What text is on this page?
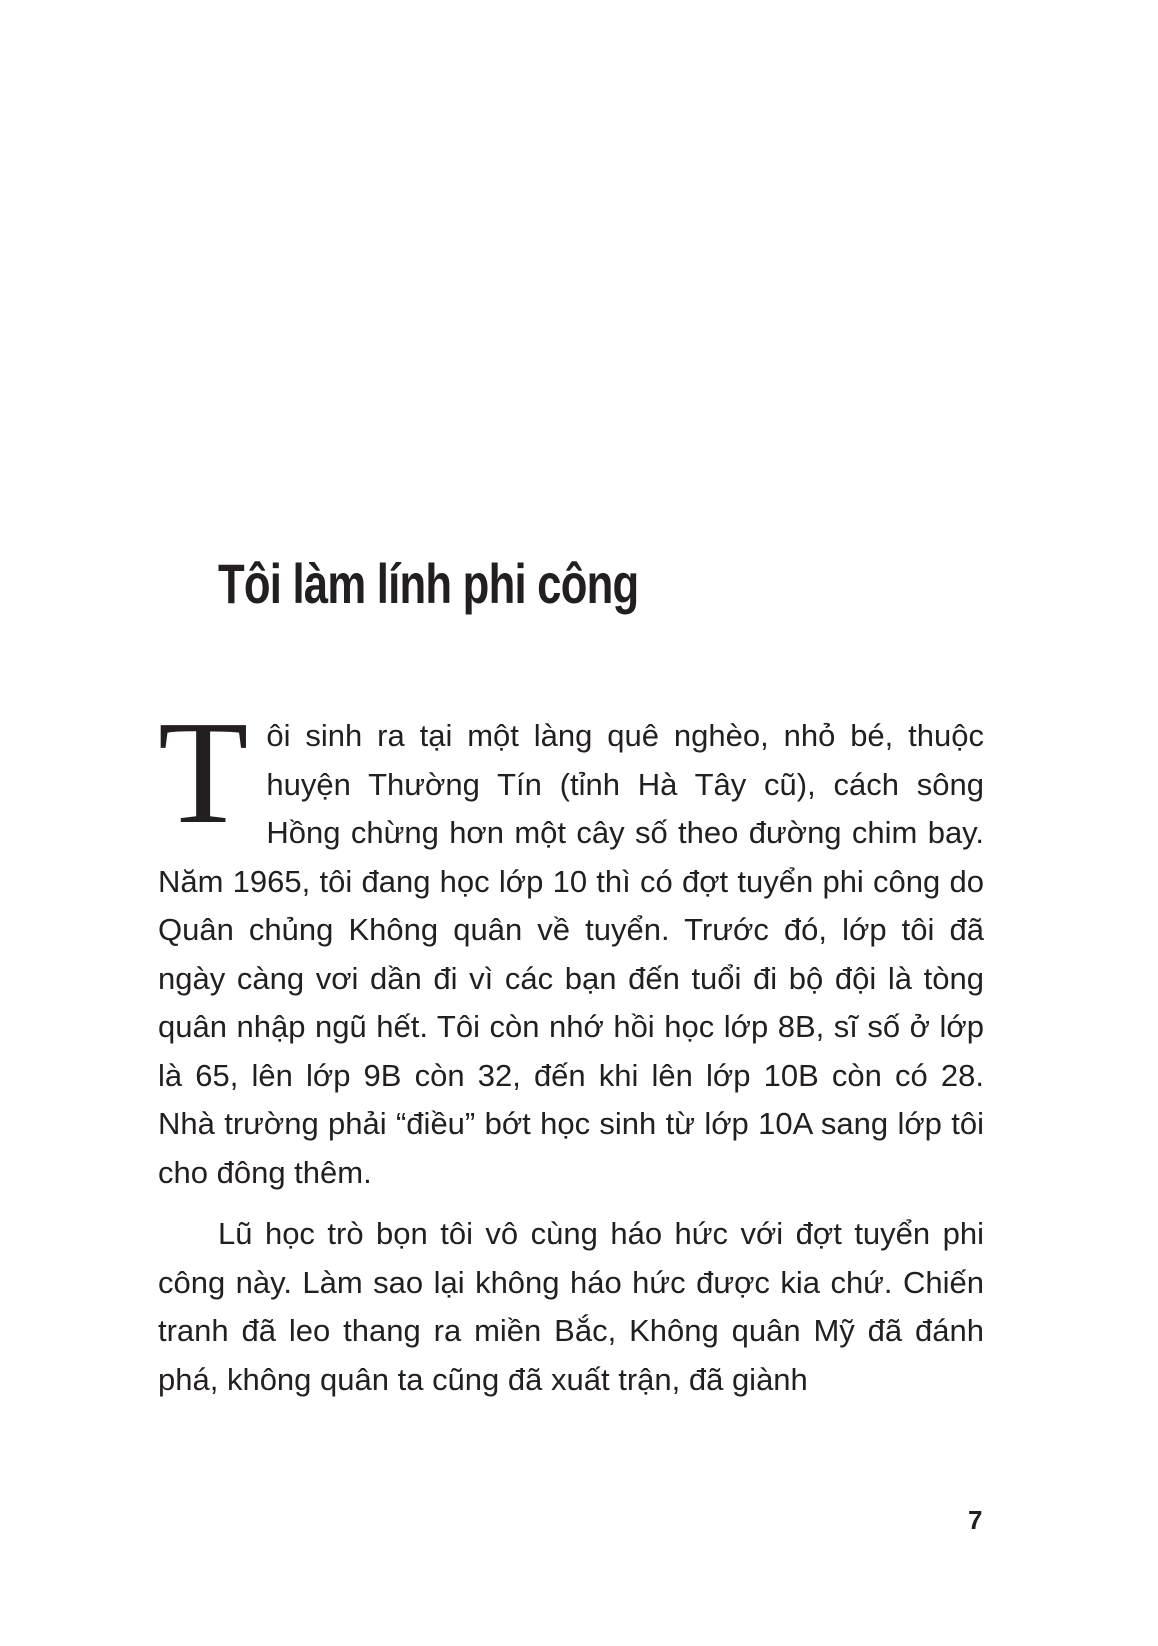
Tôi làm lính phi công

Tôi sinh ra tại một làng quê nghèo, nhỏ bé, thuộc huyện Thường Tín (tỉnh Hà Tây cũ), cách sông Hồng chừng hơn một cây số theo đường chim bay. Năm 1965, tôi đang học lớp 10 thì có đợt tuyển phi công do Quân chủng Không quân về tuyển. Trước đó, lớp tôi đã ngày càng vơi dần đi vì các bạn đến tuổi đi bộ đội là tòng quân nhập ngũ hết. Tôi còn nhớ hồi học lớp 8B, sĩ số ở lớp là 65, lên lớp 9B còn 32, đến khi lên lớp 10B còn có 28. Nhà trường phải “điều” bớt học sinh từ lớp 10A sang lớp tôi cho đông thêm.

Lũ học trò bọn tôi vô cùng háo hức với đợt tuyển phi công này. Làm sao lại không háo hức được kia chứ. Chiến tranh đã leo thang ra miền Bắc, Không quân Mỹ đã đánh phá, không quân ta cũng đã xuất trận, đã giành

7
